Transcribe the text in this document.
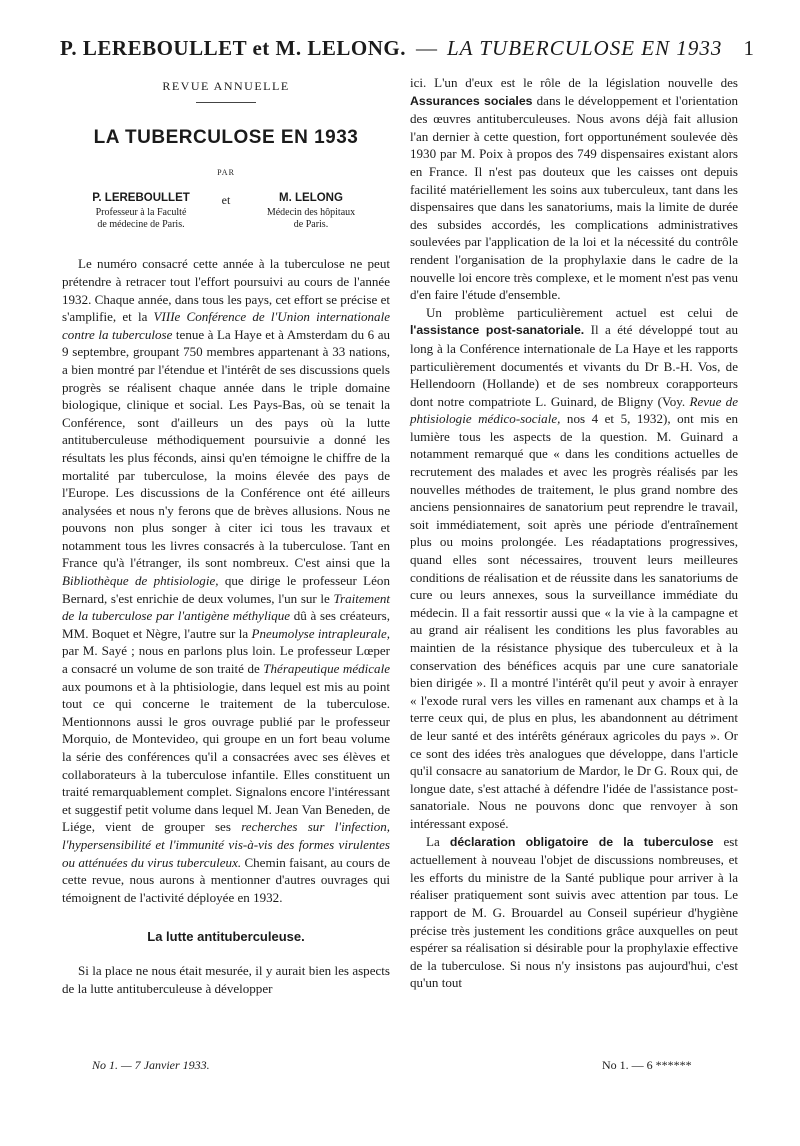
P. LEREBOULLET et M. LELONG. — LA TUBERCULOSE EN 1933 1
REVUE ANNUELLE
LA TUBERCULOSE EN 1933
PAR
P. LEREBOULLET
Professeur à la Faculté
de médecine de Paris.
et	M. LELONG
Médecin des hôpitaux
de Paris.

Le numéro consacré cette année à la tuberculose ne peut prétendre à retracer tout l'effort poursuivi au cours de l'année 1932. Chaque année, dans tous les pays, cet effort se précise et s'amplifie, et la VIIIe Conférence de l'Union internationale contre la tuberculose tenue à La Haye et à Amsterdam du 6 au 9 septembre, groupant 750 membres appartenant à 33 nations, a bien montré par l'étendue et l'intérêt de ses discussions quels progrès se réalisent chaque année dans le triple domaine biologique, clinique et social. Les Pays-Bas, où se tenait la Conférence, sont d'ailleurs un des pays où la lutte antituberculeuse méthodiquement poursuivie a donné les résultats les plus féconds, ainsi qu'en témoigne le chiffre de la mortalité par tuberculose, la moins élevée des pays de l'Europe. Les discussions de la Conférence ont été ailleurs analysées et nous n'y ferons que de brèves allusions. Nous ne pouvons non plus songer à citer ici tous les travaux et notamment tous les livres consacrés à la tuberculose. Tant en France qu'à l'étranger, ils sont nombreux. C'est ainsi que la Bibliothèque de phtisiologie, que dirige le professeur Léon Bernard, s'est enrichie de deux volumes, l'un sur le Traitement de la tuberculose par l'antigène méthylique dû à ses créateurs, MM. Boquet et Nègre, l'autre sur la Pneumolyse intrapleurale, par M. Sayé ; nous en parlons plus loin. Le professeur Lœper a consacré un volume de son traité de Thérapeutique médicale aux poumons et à la phtisiologie, dans lequel est mis au point tout ce qui concerne le traitement de la tuberculose. Mentionnons aussi le gros ouvrage publié par le professeur Morquio, de Montevideo, qui groupe en un fort beau volume la série des conférences qu'il a consacrées avec ses élèves et collaborateurs à la tuberculose infantile. Elles constituent un traité remarquablement complet. Signalons encore l'intéressant et suggestif petit volume dans lequel M. Jean Van Beneden, de Liége, vient de grouper ses recherches sur l'infection, l'hypersensibilité et l'immunité vis-à-vis des formes virulentes ou atténuées du virus tuberculeux. Chemin faisant, au cours de cette revue, nous aurons à mentionner d'autres ouvrages qui témoignent de l'activité déployée en 1932.

La lutte antituberculeuse.

Si la place ne nous était mesurée, il y aurait bien les aspects de la lutte antituberculeuse à développer

ici. L'un d'eux est le rôle de la législation nouvelle des Assurances sociales dans le développement et l'orientation des œuvres antituberculeuses. Nous avons déjà fait allusion l'an dernier à cette question, fort opportunément soulevée dès 1930 par M. Poix à propos des 749 dispensaires existant alors en France. Il n'est pas douteux que les caisses ont depuis facilité matériellement les soins aux tuberculeux, tant dans les dispensaires que dans les sanatoriums, mais la limite de durée des subsides accordés, les complications administratives soulevées par l'application de la loi et la nécessité du contrôle rendent l'organisation de la prophylaxie dans le cadre de la nouvelle loi encore très complexe, et le moment n'est pas venu d'en faire l'étude d'ensemble.

Un problème particulièrement actuel est celui de l'assistance post-sanatoriale. Il a été développé tout au long à la Conférence internationale de La Haye et les rapports particulièrement documentés et vivants du Dr B.-H. Vos, de Hellendoorn (Hollande) et de ses nombreux corapporteurs dont notre compatriote L. Guinard, de Bligny (Voy. Revue de phtisiologie médico-sociale, nos 4 et 5, 1932), ont mis en lumière tous les aspects de la question. M. Guinard a notamment remarqué que « dans les conditions actuelles de recrutement des malades et avec les progrès réalisés par les nouvelles méthodes de traitement, le plus grand nombre des anciens pensionnaires de sanatorium peut reprendre le travail, soit immédiatement, soit après une période d'entraînement plus ou moins prolongée. Les réadaptations progressives, quand elles sont nécessaires, trouvent leurs meilleures conditions de réalisation et de réussite dans les sanatoriums de cure ou leurs annexes, sous la surveillance immédiate du médecin. Il a fait ressortir aussi que « la vie à la campagne et au grand air réalisent les conditions les plus favorables au maintien de la résistance physique des tuberculeux et à la conservation des bénéfices acquis par une cure sanatoriale bien dirigée ». Il a montré l'intérêt qu'il peut y avoir à enrayer « l'exode rural vers les villes en ramenant aux champs et à la terre ceux qui, de plus en plus, les abandonnent au détriment de leur santé et des intérêts généraux agricoles du pays ». Or ce sont des idées très analogues que développe, dans l'article qu'il consacre au sanatorium de Mardor, le Dr G. Roux qui, de longue date, s'est attaché à défendre l'idée de l'assistance post-sanatoriale. Nous ne pouvons donc que renvoyer à son intéressant exposé.

La déclaration obligatoire de la tuberculose est actuellement à nouveau l'objet de discussions nombreuses, et les efforts du ministre de la Santé publique pour arriver à la réaliser pratiquement sont suivis avec attention par tous. Le rapport de M. G. Brouardel au Conseil supérieur d'hygiène précise très justement les conditions grâce auxquelles on peut espérer sa réalisation si désirable pour la prophylaxie effective de la tuberculose. Si nous n'y insistons pas aujourd'hui, c'est qu'un tout

No 1. — 7 Janvier 1933.	No 1. — 6 ******
